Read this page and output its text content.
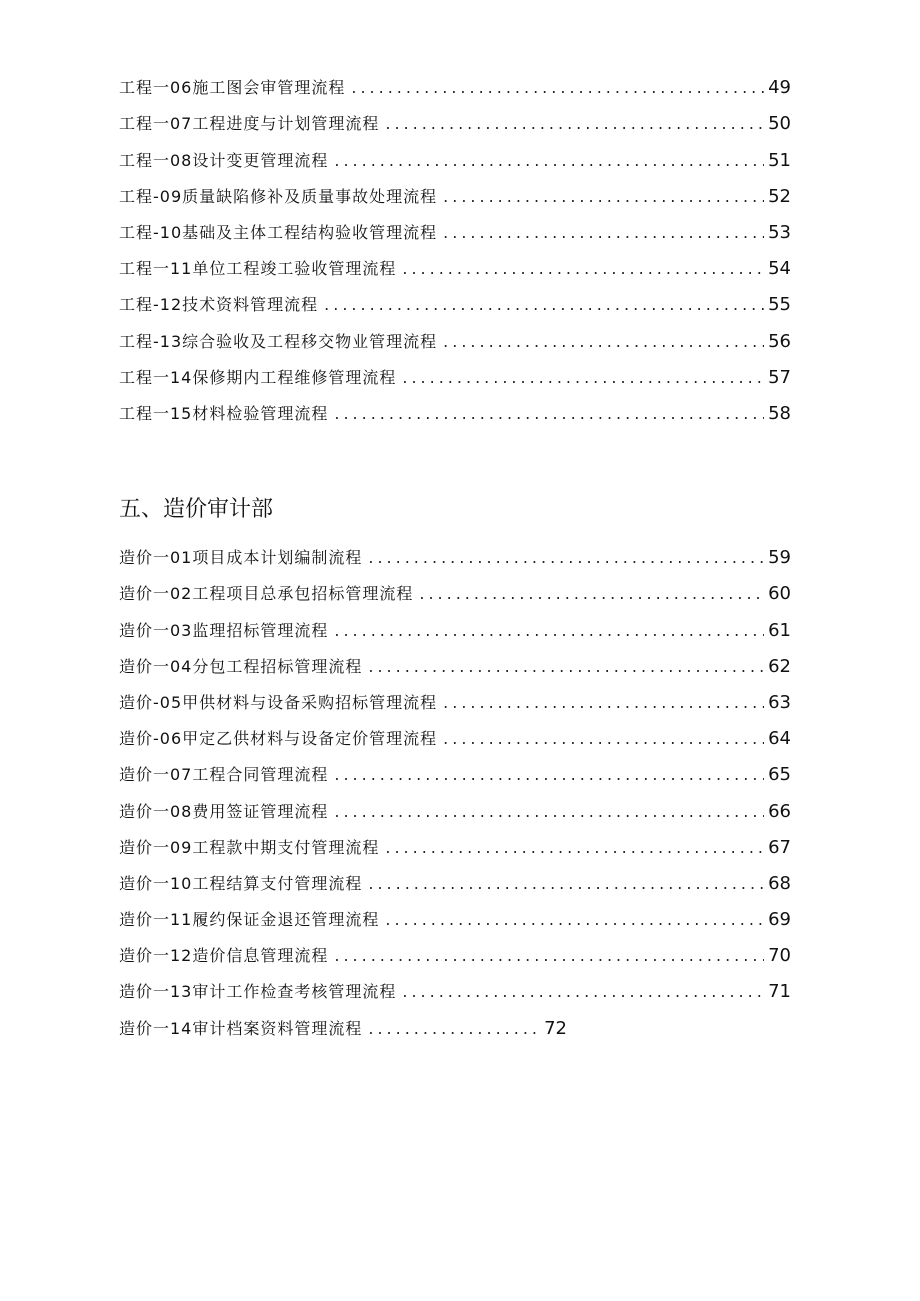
工程一06施工图会审管理流程 .....	49
工程一07工程进度与计划管理流程 .....	50
工程一08设计变更管理流程 .....	51
工程-09质量缺陷修补及质量事故处理流程 .....	52
工程-10基础及主体工程结构验收管理流程 .....	53
工程一11单位工程竣工验收管理流程 .....	54
工程-12技术资料管理流程 .....	55
工程-13综合验收及工程移交物业管理流程 .....	56
工程一14保修期内工程维修管理流程 .....	57
工程一15材料检验管理流程 .....	58
五、造价审计部
造价一01项目成本计划编制流程 .....	59
造价一02工程项目总承包招标管理流程 .....	60
造价一03监理招标管理流程 .....	61
造价一04分包工程招标管理流程 .....	62
造价-05甲供材料与设备采购招标管理流程 .....	63
造价-06甲定乙供材料与设备定价管理流程 .....	64
造价一07工程合同管理流程 .....	65
造价一08费用签证管理流程 .....	66
造价一09工程款中期支付管理流程 .....	67
造价一10工程结算支付管理流程 .....	68
造价一11履约保证金退还管理流程 .....	69
造价一12造价信息管理流程 .....	70
造价一13审计工作检查考核管理流程 .....	71
造价一14审计档案资料管理流程 .....	72
